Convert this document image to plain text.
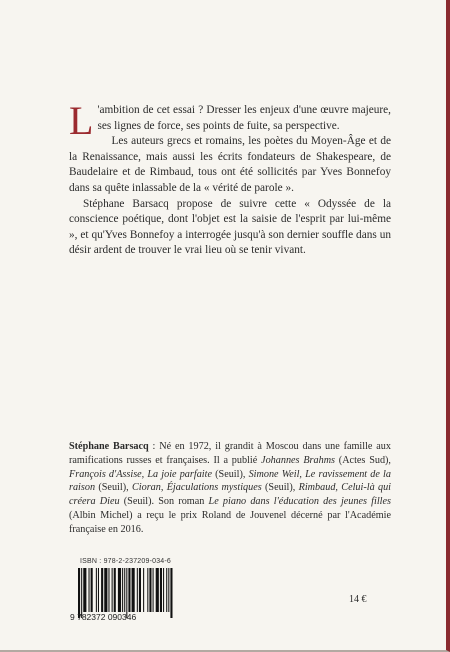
L 'ambition de cet essai ? Dresser les enjeux d'une œuvre majeure, ses lignes de force, ses points de fuite, sa perspective.

Les auteurs grecs et romains, les poètes du Moyen-Âge et de la Renaissance, mais aussi les écrits fondateurs de Shakespeare, de Baudelaire et de Rimbaud, tous ont été sollicités par Yves Bonnefoy dans sa quête inlassable de la « vérité de parole ».

Stéphane Barsacq propose de suivre cette « Odyssée de la conscience poétique, dont l'objet est la saisie de l'esprit par lui-même », et qu'Yves Bonnefoy a interrogée jusqu'à son dernier souffle dans un désir ardent de trouver le vrai lieu où se tenir vivant.

Stéphane Barsacq : Né en 1972, il grandit à Moscou dans une famille aux ramifications russes et françaises. Il a publié Johannes Brahms (Actes Sud), François d'Assise, La joie parfaite (Seuil), Simone Weil, Le ravissement de la raison (Seuil), Cioran, Éjaculations mystiques (Seuil), Rimbaud, Celui-là qui créera Dieu (Seuil). Son roman Le piano dans l'éducation des jeunes filles (Albin Michel) a reçu le prix Roland de Jouvenel décerné par l'Académie française en 2016.
ISBN : 978-2-237209-034-6
9 782372 090346
14 €
